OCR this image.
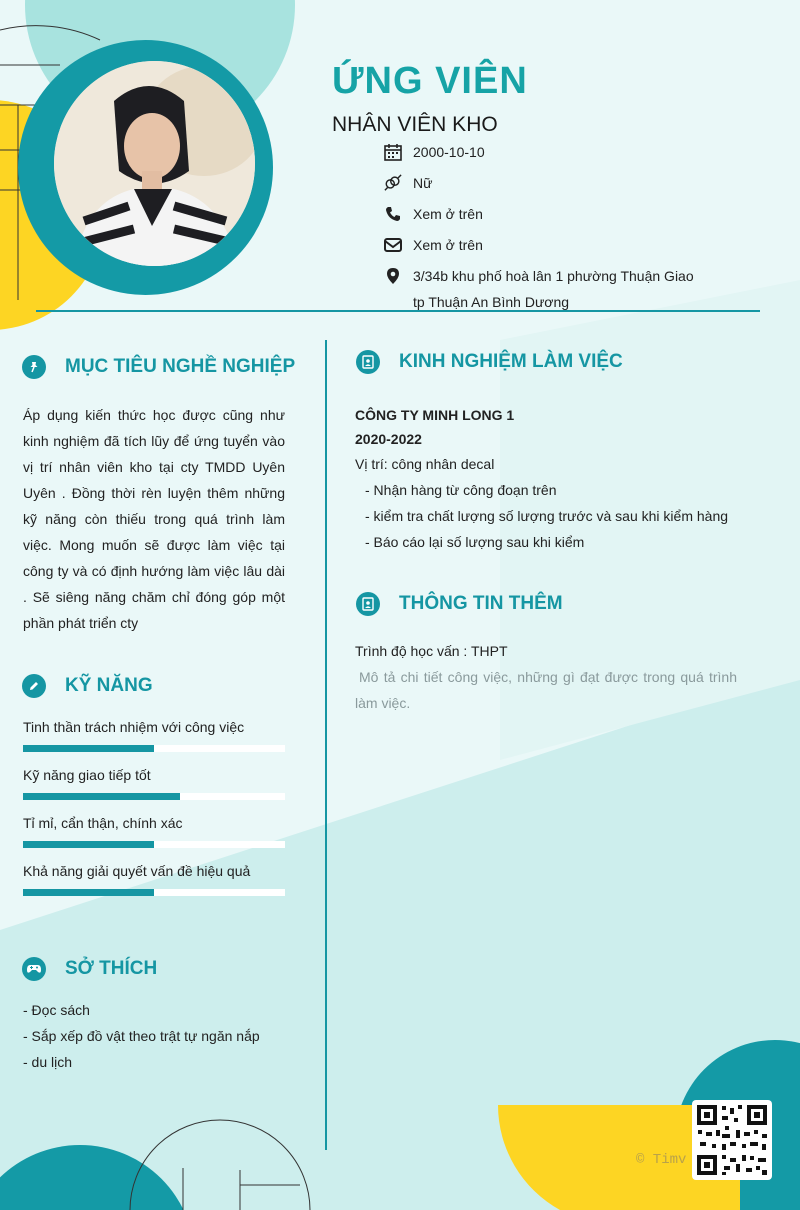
ỨNG VIÊN
NHÂN VIÊN KHO
2000-10-10
Nữ
Xem ở trên
Xem ở trên
3/34b khu phố hoà lân 1 phường Thuận Giao
tp Thuận An Bình Dương
MỤC TIÊU NGHỀ NGHIỆP
Áp dụng kiến thức học được cũng như kinh nghiệm đã tích lũy để ứng tuyển vào vị trí nhân viên kho tại cty TMDD Uyên Uyên . Đồng thời rèn luyện thêm những kỹ năng còn thiếu trong quá trình làm việc. Mong muốn sẽ được làm việc tại công ty và có định hướng làm việc lâu dài . Sẽ siêng năng chăm chỉ đóng góp một phần phát triển cty
KỸ NĂNG
Tinh thần trách nhiệm với công việc
Kỹ năng giao tiếp tốt
Tỉ mỉ, cẩn thận, chính xác
Khả năng giải quyết vấn đề hiệu quả
SỞ THÍCH
- Đọc sách
- Sắp xếp đồ vật theo trật tự ngăn nắp
- du lịch
KINH NGHIỆM LÀM VIỆC
CÔNG TY MINH LONG 1
2020-2022
Vị trí: công nhân decal
- Nhận hàng từ công đoạn trên
- kiểm tra chất lượng số lượng trước và sau khi kiểm hàng
- Báo cáo lại số lượng sau khi kiểm
THÔNG TIN THÊM
Trình độ học vấn : THPT
Mô tả chi tiết công việc, những gì đạt được trong quá trình làm việc.
© Timv
